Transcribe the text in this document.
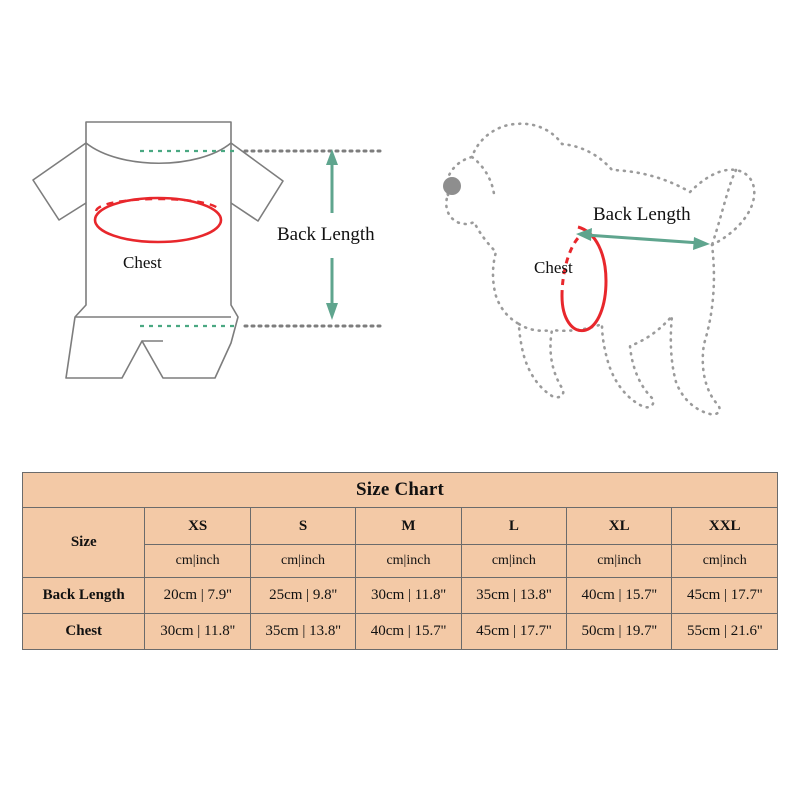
Chest
Back Length
Chest
Back Length
Size Chart						
Size	XS	S	M	L	XL	XXL
	cm|inch	cm|inch	cm|inch	cm|inch	cm|inch	cm|inch
Back Length	20cm | 7.9''	25cm | 9.8''	30cm | 11.8''	35cm | 13.8''	40cm | 15.7''	45cm | 17.7''
Chest	30cm | 11.8''	35cm | 13.8''	40cm | 15.7''	45cm | 17.7''	50cm | 19.7''	55cm | 21.6''
